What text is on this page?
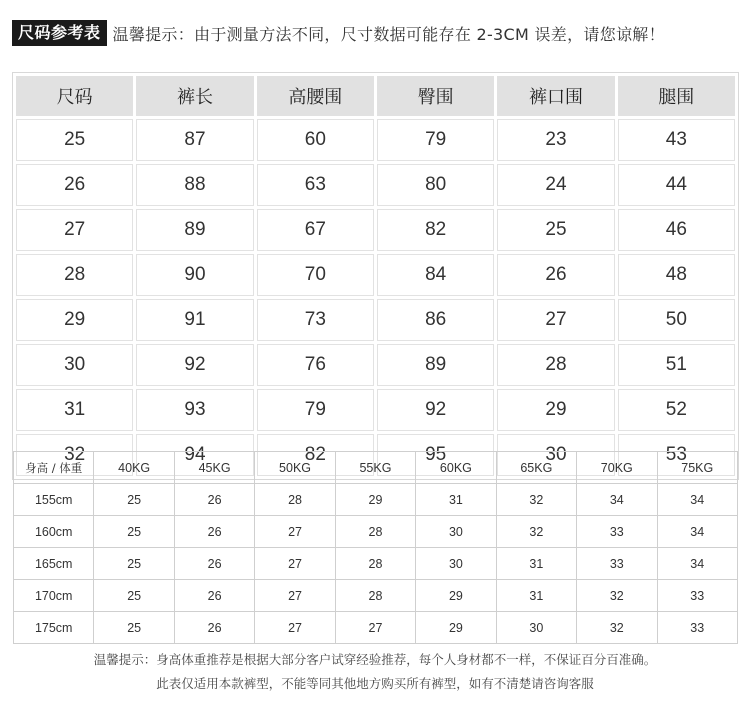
尺码参考表 温馨提示：由于测量方法不同，尺寸数据可能存在 2-3CM 误差，请您谅解！
尺码	裤长	高腰围	臀围	裤口围	腿围
25	87	60	79	23	43
26	88	63	80	24	44
27	89	67	82	25	46
28	90	70	84	26	48
29	91	73	86	27	50
30	92	76	89	28	51
31	93	79	92	29	52
32	94	82	95	30	53
身高 / 体重	40KG	45KG	50KG	55KG	60KG	65KG	70KG	75KG
155cm	25	26	28	29	31	32	34	34
160cm	25	26	27	28	30	32	33	34
165cm	25	26	27	28	30	31	33	34
170cm	25	26	27	28	29	31	32	33
175cm	25	26	27	27	29	30	32	33
温馨提示：身高体重推荐是根据大部分客户试穿经验推荐，每个人身材都不一样，不保证百分百准确。
此表仅适用本款裤型，不能等同其他地方购买所有裤型，如有不清楚请咨询客服
